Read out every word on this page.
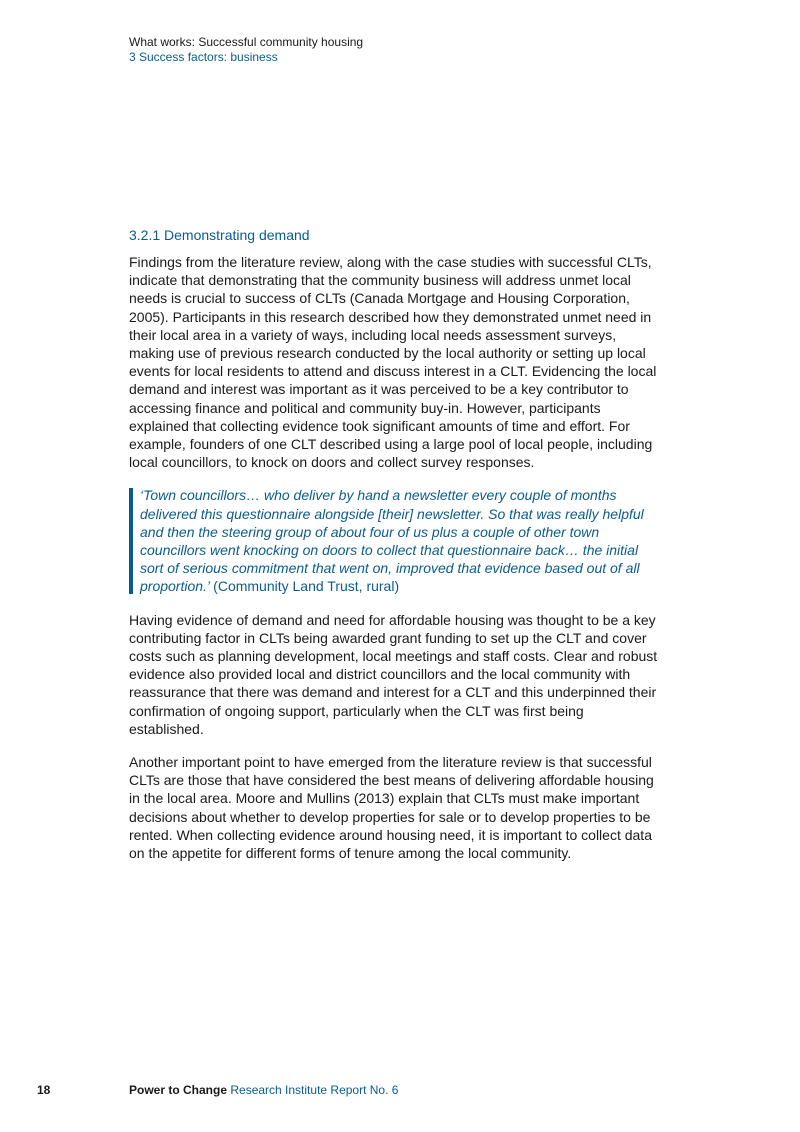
What works: Successful community housing
3 Success factors: business
3.2.1 Demonstrating demand

Findings from the literature review, along with the case studies with successful CLTs, indicate that demonstrating that the community business will address unmet local needs is crucial to success of CLTs (Canada Mortgage and Housing Corporation, 2005). Participants in this research described how they demonstrated unmet need in their local area in a variety of ways, including local needs assessment surveys, making use of previous research conducted by the local authority or setting up local events for local residents to attend and discuss interest in a CLT. Evidencing the local demand and interest was important as it was perceived to be a key contributor to accessing finance and political and community buy-in. However, participants explained that collecting evidence took significant amounts of time and effort. For example, founders of one CLT described using a large pool of local people, including local councillors, to knock on doors and collect survey responses.

‘Town councillors… who deliver by hand a newsletter every couple of months delivered this questionnaire alongside [their] newsletter. So that was really helpful and then the steering group of about four of us plus a couple of other town councillors went knocking on doors to collect that questionnaire back… the initial sort of serious commitment that went on, improved that evidence based out of all proportion.’ (Community Land Trust, rural)

Having evidence of demand and need for affordable housing was thought to be a key contributing factor in CLTs being awarded grant funding to set up the CLT and cover costs such as planning development, local meetings and staff costs. Clear and robust evidence also provided local and district councillors and the local community with reassurance that there was demand and interest for a CLT and this underpinned their confirmation of ongoing support, particularly when the CLT was first being established.

Another important point to have emerged from the literature review is that successful CLTs are those that have considered the best means of delivering affordable housing in the local area. Moore and Mullins (2013) explain that CLTs must make important decisions about whether to develop properties for sale or to develop properties to be rented. When collecting evidence around housing need, it is important to collect data on the appetite for different forms of tenure among the local community.

18	Power to Change Research Institute Report No. 6
